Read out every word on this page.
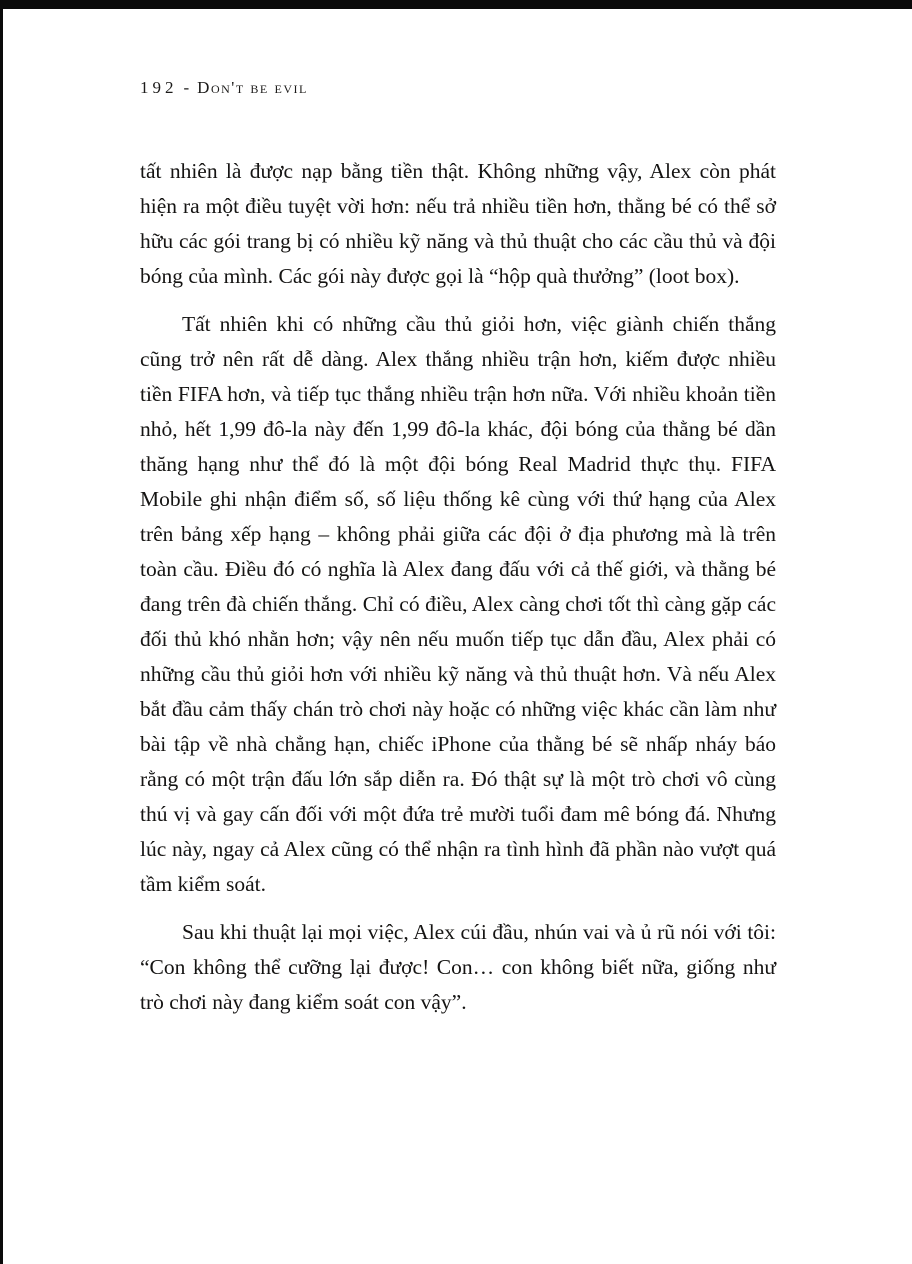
192 - Don't be evil

tất nhiên là được nạp bằng tiền thật. Không những vậy, Alex còn phát hiện ra một điều tuyệt vời hơn: nếu trả nhiều tiền hơn, thằng bé có thể sở hữu các gói trang bị có nhiều kỹ năng và thủ thuật cho các cầu thủ và đội bóng của mình. Các gói này được gọi là “hộp quà thưởng” (loot box).

Tất nhiên khi có những cầu thủ giỏi hơn, việc giành chiến thắng cũng trở nên rất dễ dàng. Alex thắng nhiều trận hơn, kiếm được nhiều tiền FIFA hơn, và tiếp tục thắng nhiều trận hơn nữa. Với nhiều khoản tiền nhỏ, hết 1,99 đô-la này đến 1,99 đô-la khác, đội bóng của thằng bé dần thăng hạng như thể đó là một đội bóng Real Madrid thực thụ. FIFA Mobile ghi nhận điểm số, số liệu thống kê cùng với thứ hạng của Alex trên bảng xếp hạng – không phải giữa các đội ở địa phương mà là trên toàn cầu. Điều đó có nghĩa là Alex đang đấu với cả thế giới, và thằng bé đang trên đà chiến thắng. Chỉ có điều, Alex càng chơi tốt thì càng gặp các đối thủ khó nhằn hơn; vậy nên nếu muốn tiếp tục dẫn đầu, Alex phải có những cầu thủ giỏi hơn với nhiều kỹ năng và thủ thuật hơn. Và nếu Alex bắt đầu cảm thấy chán trò chơi này hoặc có những việc khác cần làm như bài tập về nhà chẳng hạn, chiếc iPhone của thằng bé sẽ nhấp nháy báo rằng có một trận đấu lớn sắp diễn ra. Đó thật sự là một trò chơi vô cùng thú vị và gay cấn đối với một đứa trẻ mười tuổi đam mê bóng đá. Nhưng lúc này, ngay cả Alex cũng có thể nhận ra tình hình đã phần nào vượt quá tầm kiểm soát.

Sau khi thuật lại mọi việc, Alex cúi đầu, nhún vai và ủ rũ nói với tôi: “Con không thể cưỡng lại được! Con… con không biết nữa, giống như trò chơi này đang kiểm soát con vậy”.
